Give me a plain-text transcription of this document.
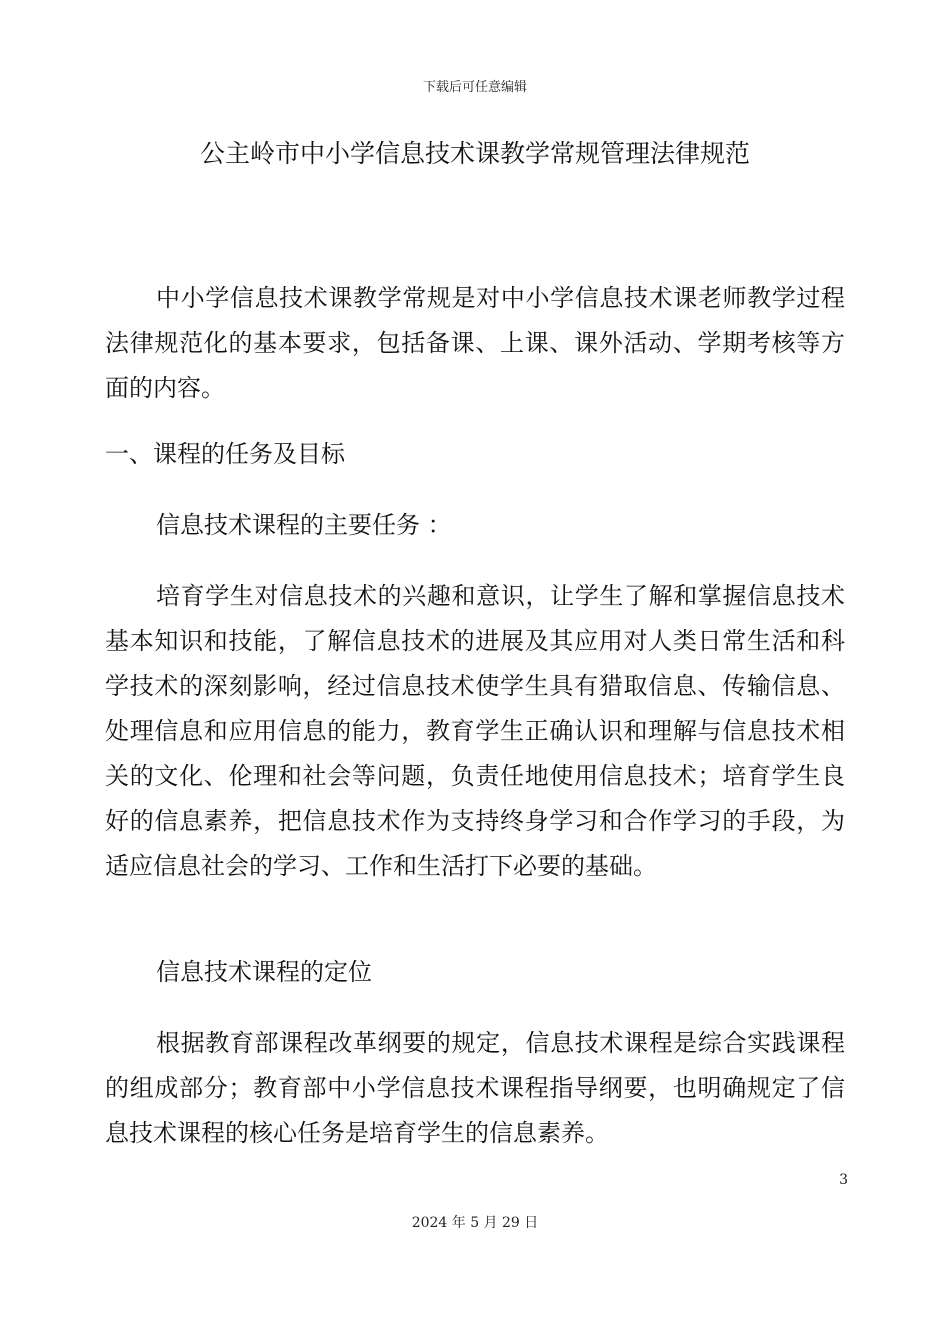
下载后可任意编辑
公主岭市中小学信息技术课教学常规管理法律规范
中小学信息技术课教学常规是对中小学信息技术课老师教学过程法律规范化的基本要求，包括备课、上课、课外活动、学期考核等方面的内容。
一、课程的任务及目标
信息技术课程的主要任务 ：
培育学生对信息技术的兴趣和意识，让学生了解和掌握信息技术基本知识和技能，了解信息技术的进展及其应用对人类日常生活和科学技术的深刻影响，经过信息技术使学生具有猎取信息、传输信息、处理信息和应用信息的能力，教育学生正确认识和理解与信息技术相关的文化、伦理和社会等问题，负责任地使用信息技术；培育学生良好的信息素养，把信息技术作为支持终身学习和合作学习的手段，为适应信息社会的学习、工作和生活打下必要的基础。
信息技术课程的定位
根据教育部课程改革纲要的规定，信息技术课程是综合实践课程的组成部分；教育部中小学信息技术课程指导纲要，也明确规定了信息技术课程的核心任务是培育学生的信息素养。
3
2024 年 5 月 29 日
